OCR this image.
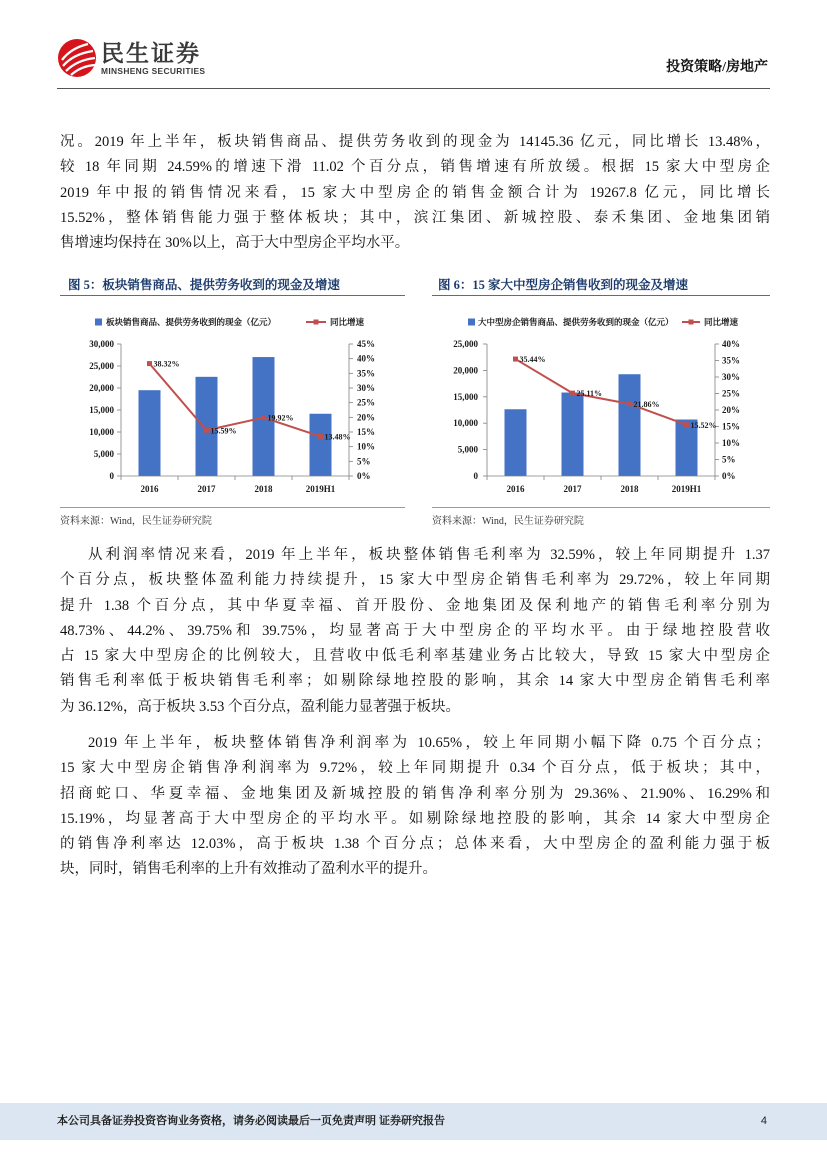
民生证券
MINSHENG SECURITIES	投资策略/房地产
况。2019 年上半年，板块销售商品、提供劳务收到的现金为 14145.36 亿元，同比增长 13.48%，
较 18 年同期 24.59%的增速下滑 11.02 个百分点，销售增速有所放缓。根据 15 家大中型房企
2019 年中报的销售情况来看，15 家大中型房企的销售金额合计为 19267.8 亿元，同比增长
15.52%，整体销售能力强于整体板块；其中，滨江集团、新城控股、泰禾集团、金地集团销
售增速均保持在 30%以上，高于大中型房企平均水平。
图 5：板块销售商品、提供劳务收到的现金及增速
0
5,000
10,000
15,000
20,000
25,000
30,000
0%
5%
10%
15%
20%
25%
30%
35%
40%
45%
2016	2017	2018	2019H1
38.32%
15.59%
19.92%
13.48%
板块销售商品、提供劳务收到的现金（亿元）	同比增速
资料来源：Wind，民生证券研究院
图 6：15 家大中型房企销售收到的现金及增速
0
5,000
10,000
15,000
20,000
25,000
0%
5%
10%
15%
20%
25%
30%
35%
40%
2016	2017	2018	2019H1
35.44%
25.11%
21.86%
15.52%
大中型房企销售商品、提供劳务收到的现金（亿元）	同比增速
资料来源：Wind，民生证券研究院
从利润率情况来看，2019 年上半年，板块整体销售毛利率为 32.59%，较上年同期提升 1.37
个百分点，板块整体盈利能力持续提升，15 家大中型房企销售毛利率为 29.72%，较上年同期
提升 1.38 个百分点，其中华夏幸福、首开股份、金地集团及保利地产的销售毛利率分别为
48.73%、44.2%、39.75%和 39.75%，均显著高于大中型房企的平均水平。由于绿地控股营收
占 15 家大中型房企的比例较大，且营收中低毛利率基建业务占比较大，导致 15 家大中型房企
销售毛利率低于板块销售毛利率；如剔除绿地控股的影响，其余 14 家大中型房企销售毛利率
为 36.12%，高于板块 3.53 个百分点，盈利能力显著强于板块。
2019 年上半年，板块整体销售净利润率为 10.65%，较上年同期小幅下降 0.75 个百分点；
15 家大中型房企销售净利润率为 9.72%，较上年同期提升 0.34 个百分点，低于板块；其中，
招商蛇口、华夏幸福、金地集团及新城控股的销售净利率分别为 29.36%、21.90%、16.29%和
15.19%，均显著高于大中型房企的平均水平。如剔除绿地控股的影响，其余 14 家大中型房企
的销售净利率达 12.03%，高于板块 1.38 个百分点；总体来看，大中型房企的盈利能力强于板
块，同时，销售毛利率的上升有效推动了盈利水平的提升。
本公司具备证券投资咨询业务资格，请务必阅读最后一页免责声明 证券研究报告	4
